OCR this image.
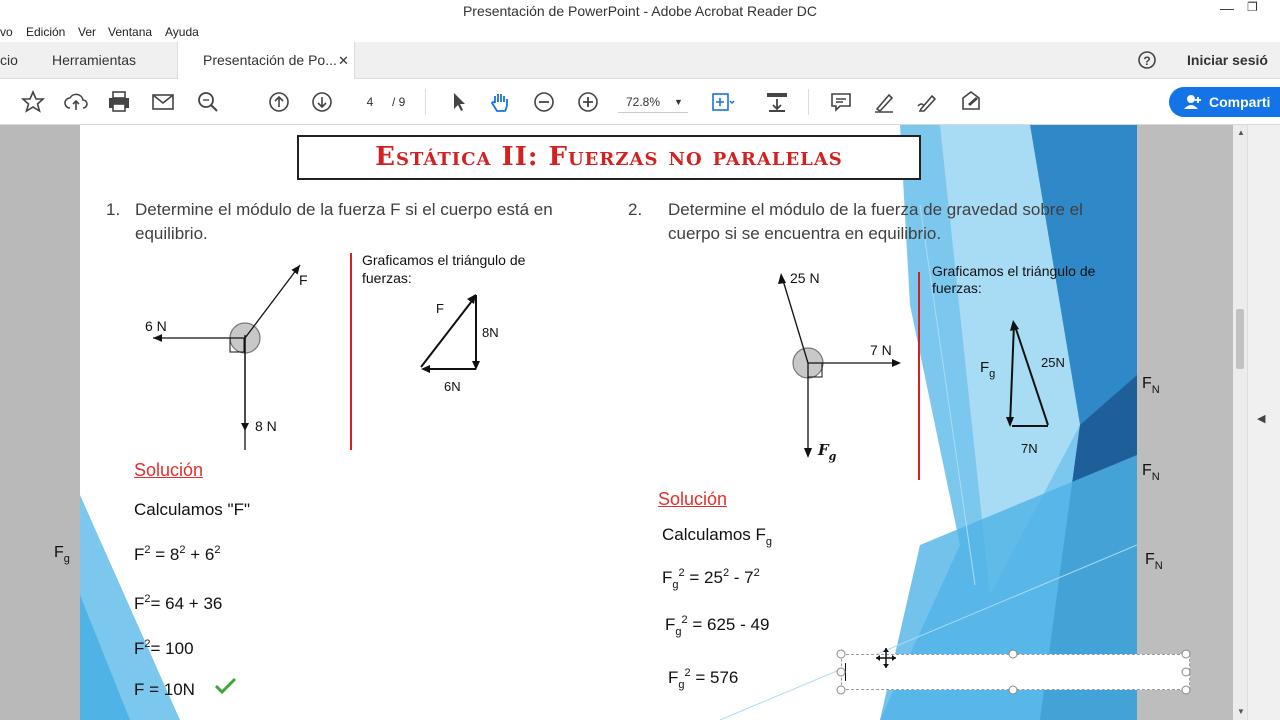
Presentación de PowerPoint - Adobe Acrobat Reader DC	— ❐
vo Edición Ver Ventana Ayuda
cio Herramientas	Presentación de Po... ✕	?	Iniciar sesió
4	/ 9	72.8% ▼	Comparti
▲
▼
◀
$F_g$
$F_N$
$F_N$
$F_N$
Estática II: Fuerzas no paralelas
1. Determine el módulo de la fuerza F si el cuerpo está en
equilibrio.
2. Determine el módulo de la fuerza de gravedad sobre el
cuerpo si se encuentra en equilibrio.
F
6 N
8 N
Graficamos el triángulo de
fuerzas:
F
8N
6N
25 N
7 N
$F_g$
Graficamos el triángulo de
fuerzas:
$F_g$
25N
7N
Solución
Calculamos "F"
$F^2 = 8^2 + 6^2$
$F^2= 64 + 36$
$F^2= 100$
F = 10N
Solución
Calculamos $F_g$
$F_g^2 = 25^2 - 7^2$
$F_g^2 = 625 - 49$
$F_g^2 = 576$
